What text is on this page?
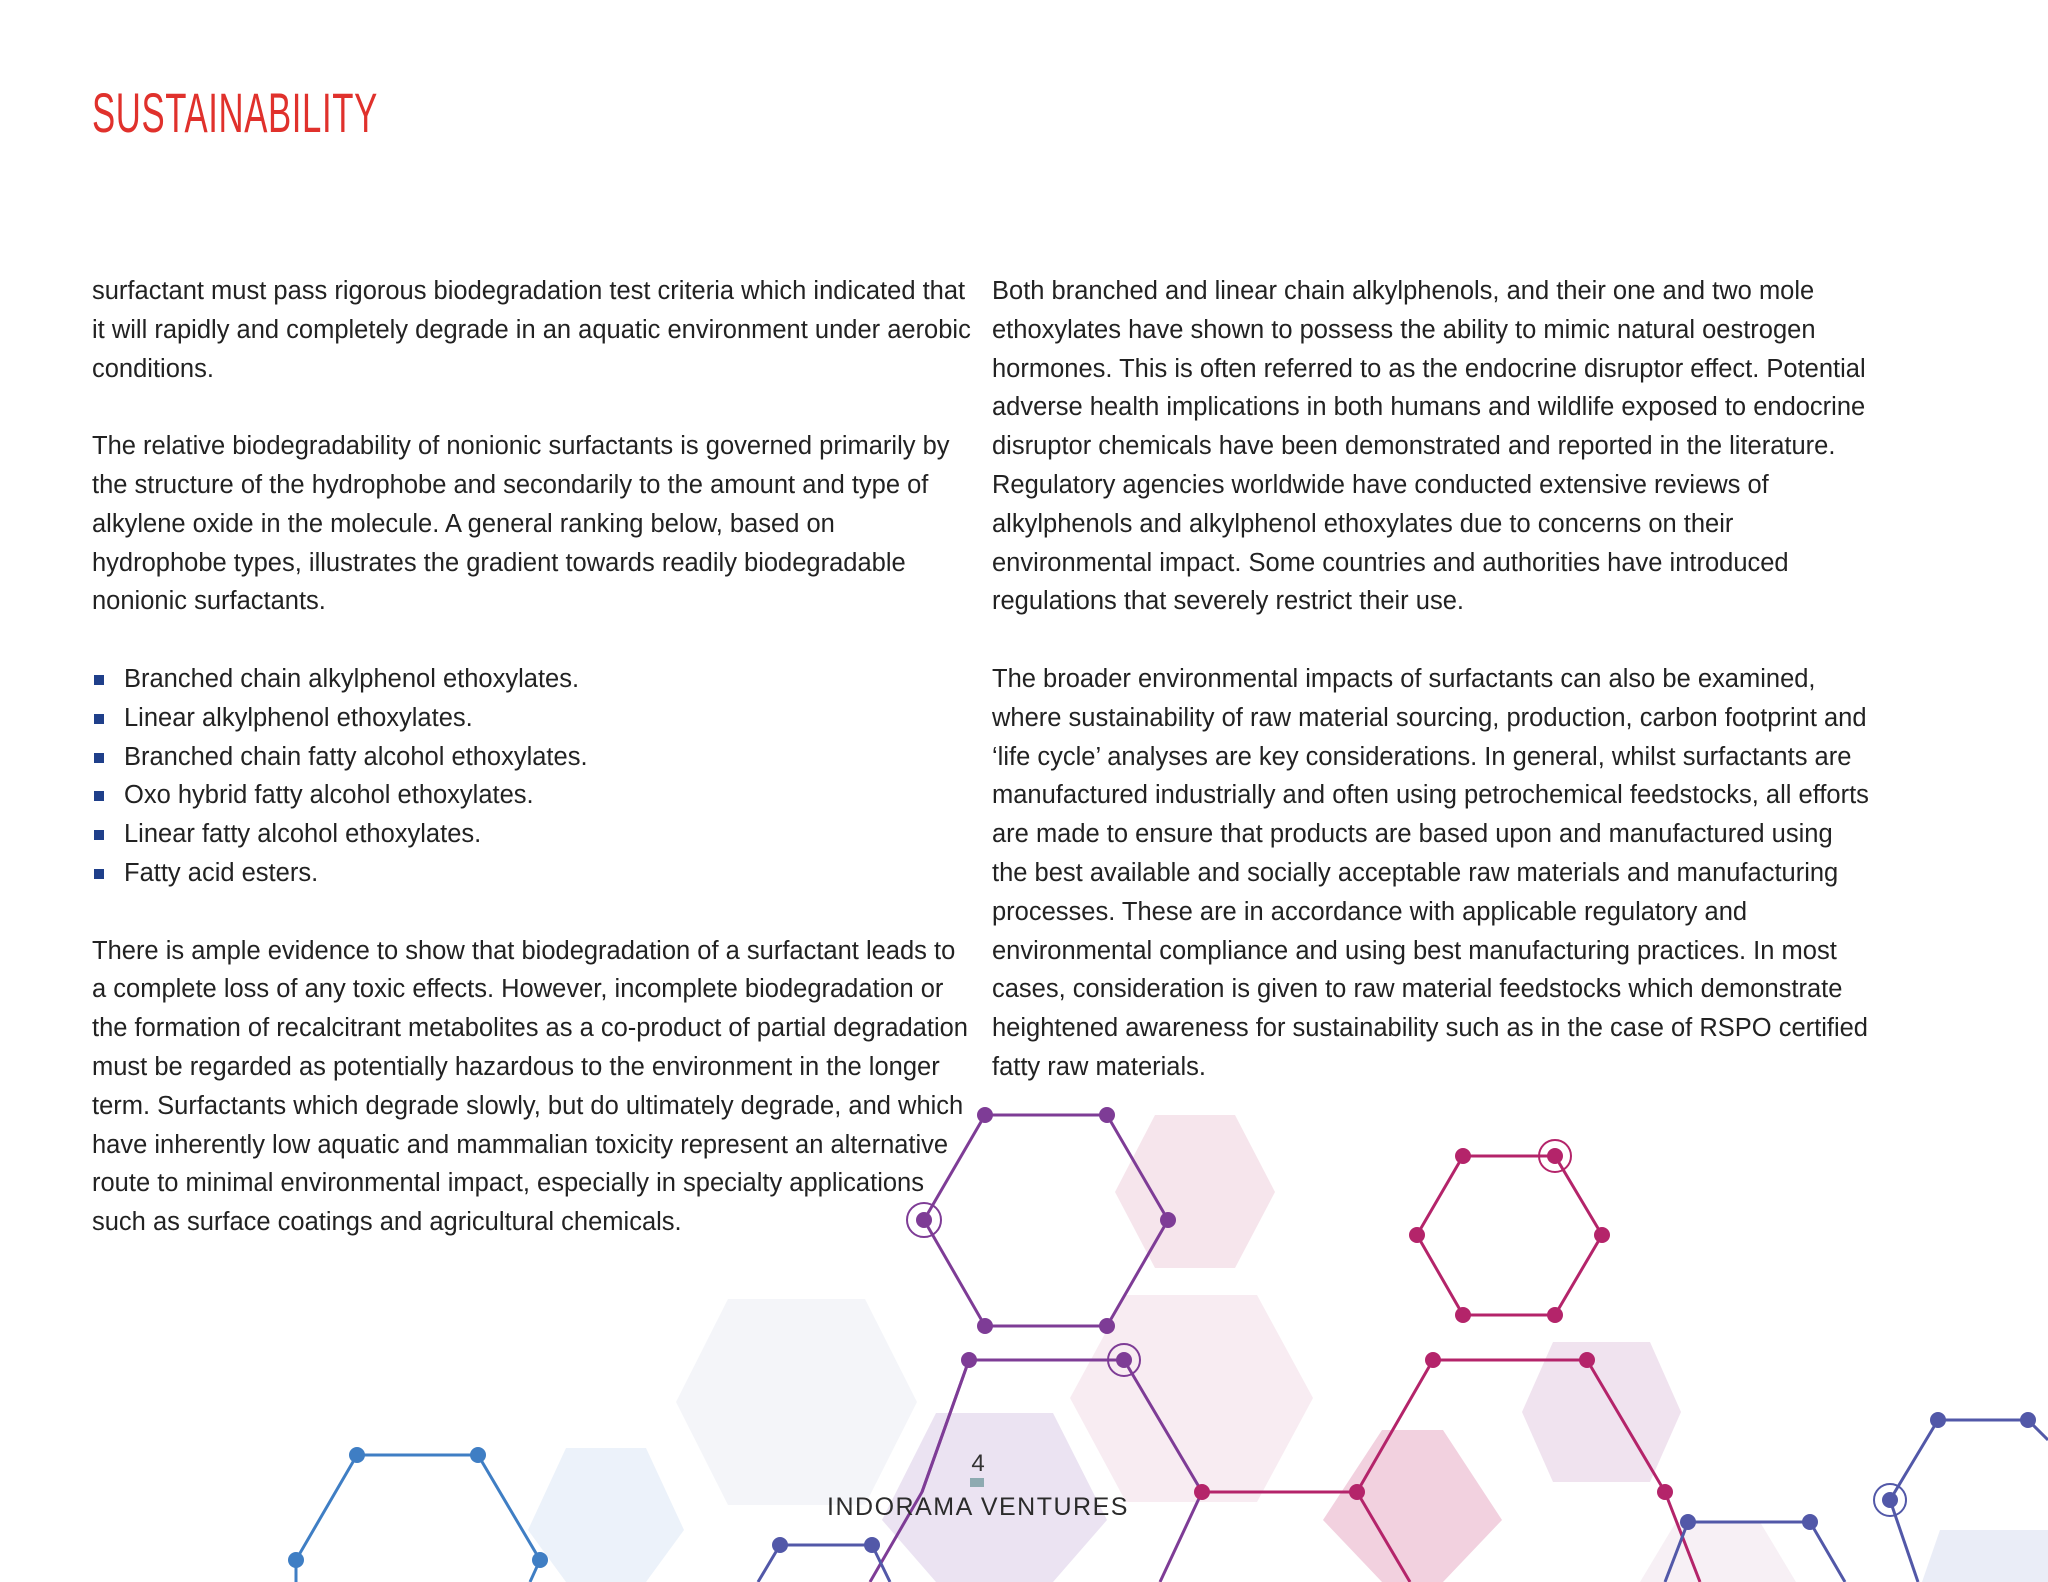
SUSTAINABILITY

surfactant must pass rigorous biodegradation test criteria which indicated that it will rapidly and completely degrade in an aquatic environment under aerobic conditions.

The relative biodegradability of nonionic surfactants is governed primarily by the structure of the hydrophobe and secondarily to the amount and type of alkylene oxide in the molecule. A general ranking below, based on hydrophobe types, illustrates the gradient towards readily biodegradable nonionic surfactants.

Branched chain alkylphenol ethoxylates.
Linear alkylphenol ethoxylates.
Branched chain fatty alcohol ethoxylates.
Oxo hybrid fatty alcohol ethoxylates.
Linear fatty alcohol ethoxylates.
Fatty acid esters.

There is ample evidence to show that biodegradation of a surfactant leads to a complete loss of any toxic effects. However, incomplete biodegradation or the formation of recalcitrant metabolites as a co-product of partial degradation must be regarded as potentially hazardous to the environment in the longer term. Surfactants which degrade slowly, but do ultimately degrade, and which have inherently low aquatic and mammalian toxicity represent an alternative route to minimal environmental impact, especially in specialty applications such as surface coatings and agricultural chemicals.

Both branched and linear chain alkylphenols, and their one and two mole ethoxylates have shown to possess the ability to mimic natural oestrogen hormones. This is often referred to as the endocrine disruptor effect. Potential adverse health implications in both humans and wildlife exposed to endocrine disruptor chemicals have been demonstrated and reported in the literature. Regulatory agencies worldwide have conducted extensive reviews of alkylphenols and alkylphenol ethoxylates due to concerns on their environmental impact. Some countries and authorities have introduced regulations that severely restrict their use.

The broader environmental impacts of surfactants can also be examined, where sustainability of raw material sourcing, production, carbon footprint and ‘life cycle’ analyses are key considerations. In general, whilst surfactants are manufactured industrially and often using petrochemical feedstocks, all efforts are made to ensure that products are based upon and manufactured using the best available and socially acceptable raw materials and manufacturing processes. These are in accordance with applicable regulatory and environmental compliance and using best manufacturing practices. In most cases, consideration is given to raw material feedstocks which demonstrate heightened awareness for sustainability such as in the case of RSPO certified fatty raw materials.

4
INDORAMA VENTURES
